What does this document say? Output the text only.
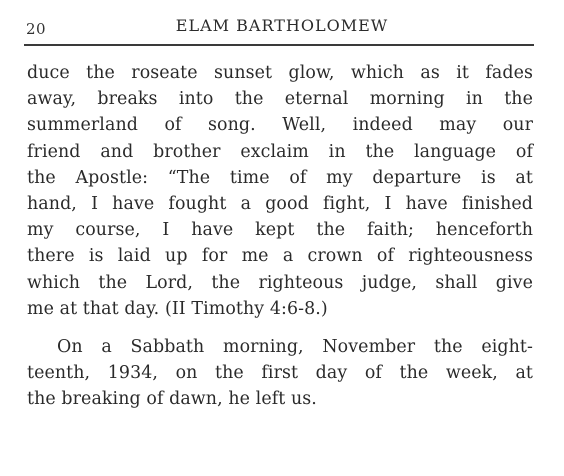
20	ELAM BARTHOLOMEW

duce the roseate sunset glow, which as it fades
away, breaks into the eternal morning in the
summerland of song. Well, indeed may our
friend and brother exclaim in the language of
the Apostle: “The time of my departure is at
hand, I have fought a good fight, I have finished
my course, I have kept the faith; henceforth
there is laid up for me a crown of righteousness
which the Lord, the righteous judge, shall give
me at that day. (II Timothy 4:6-8.)

On a Sabbath morning, November the eight-
teenth, 1934, on the first day of the week, at
the breaking of dawn, he left us.
